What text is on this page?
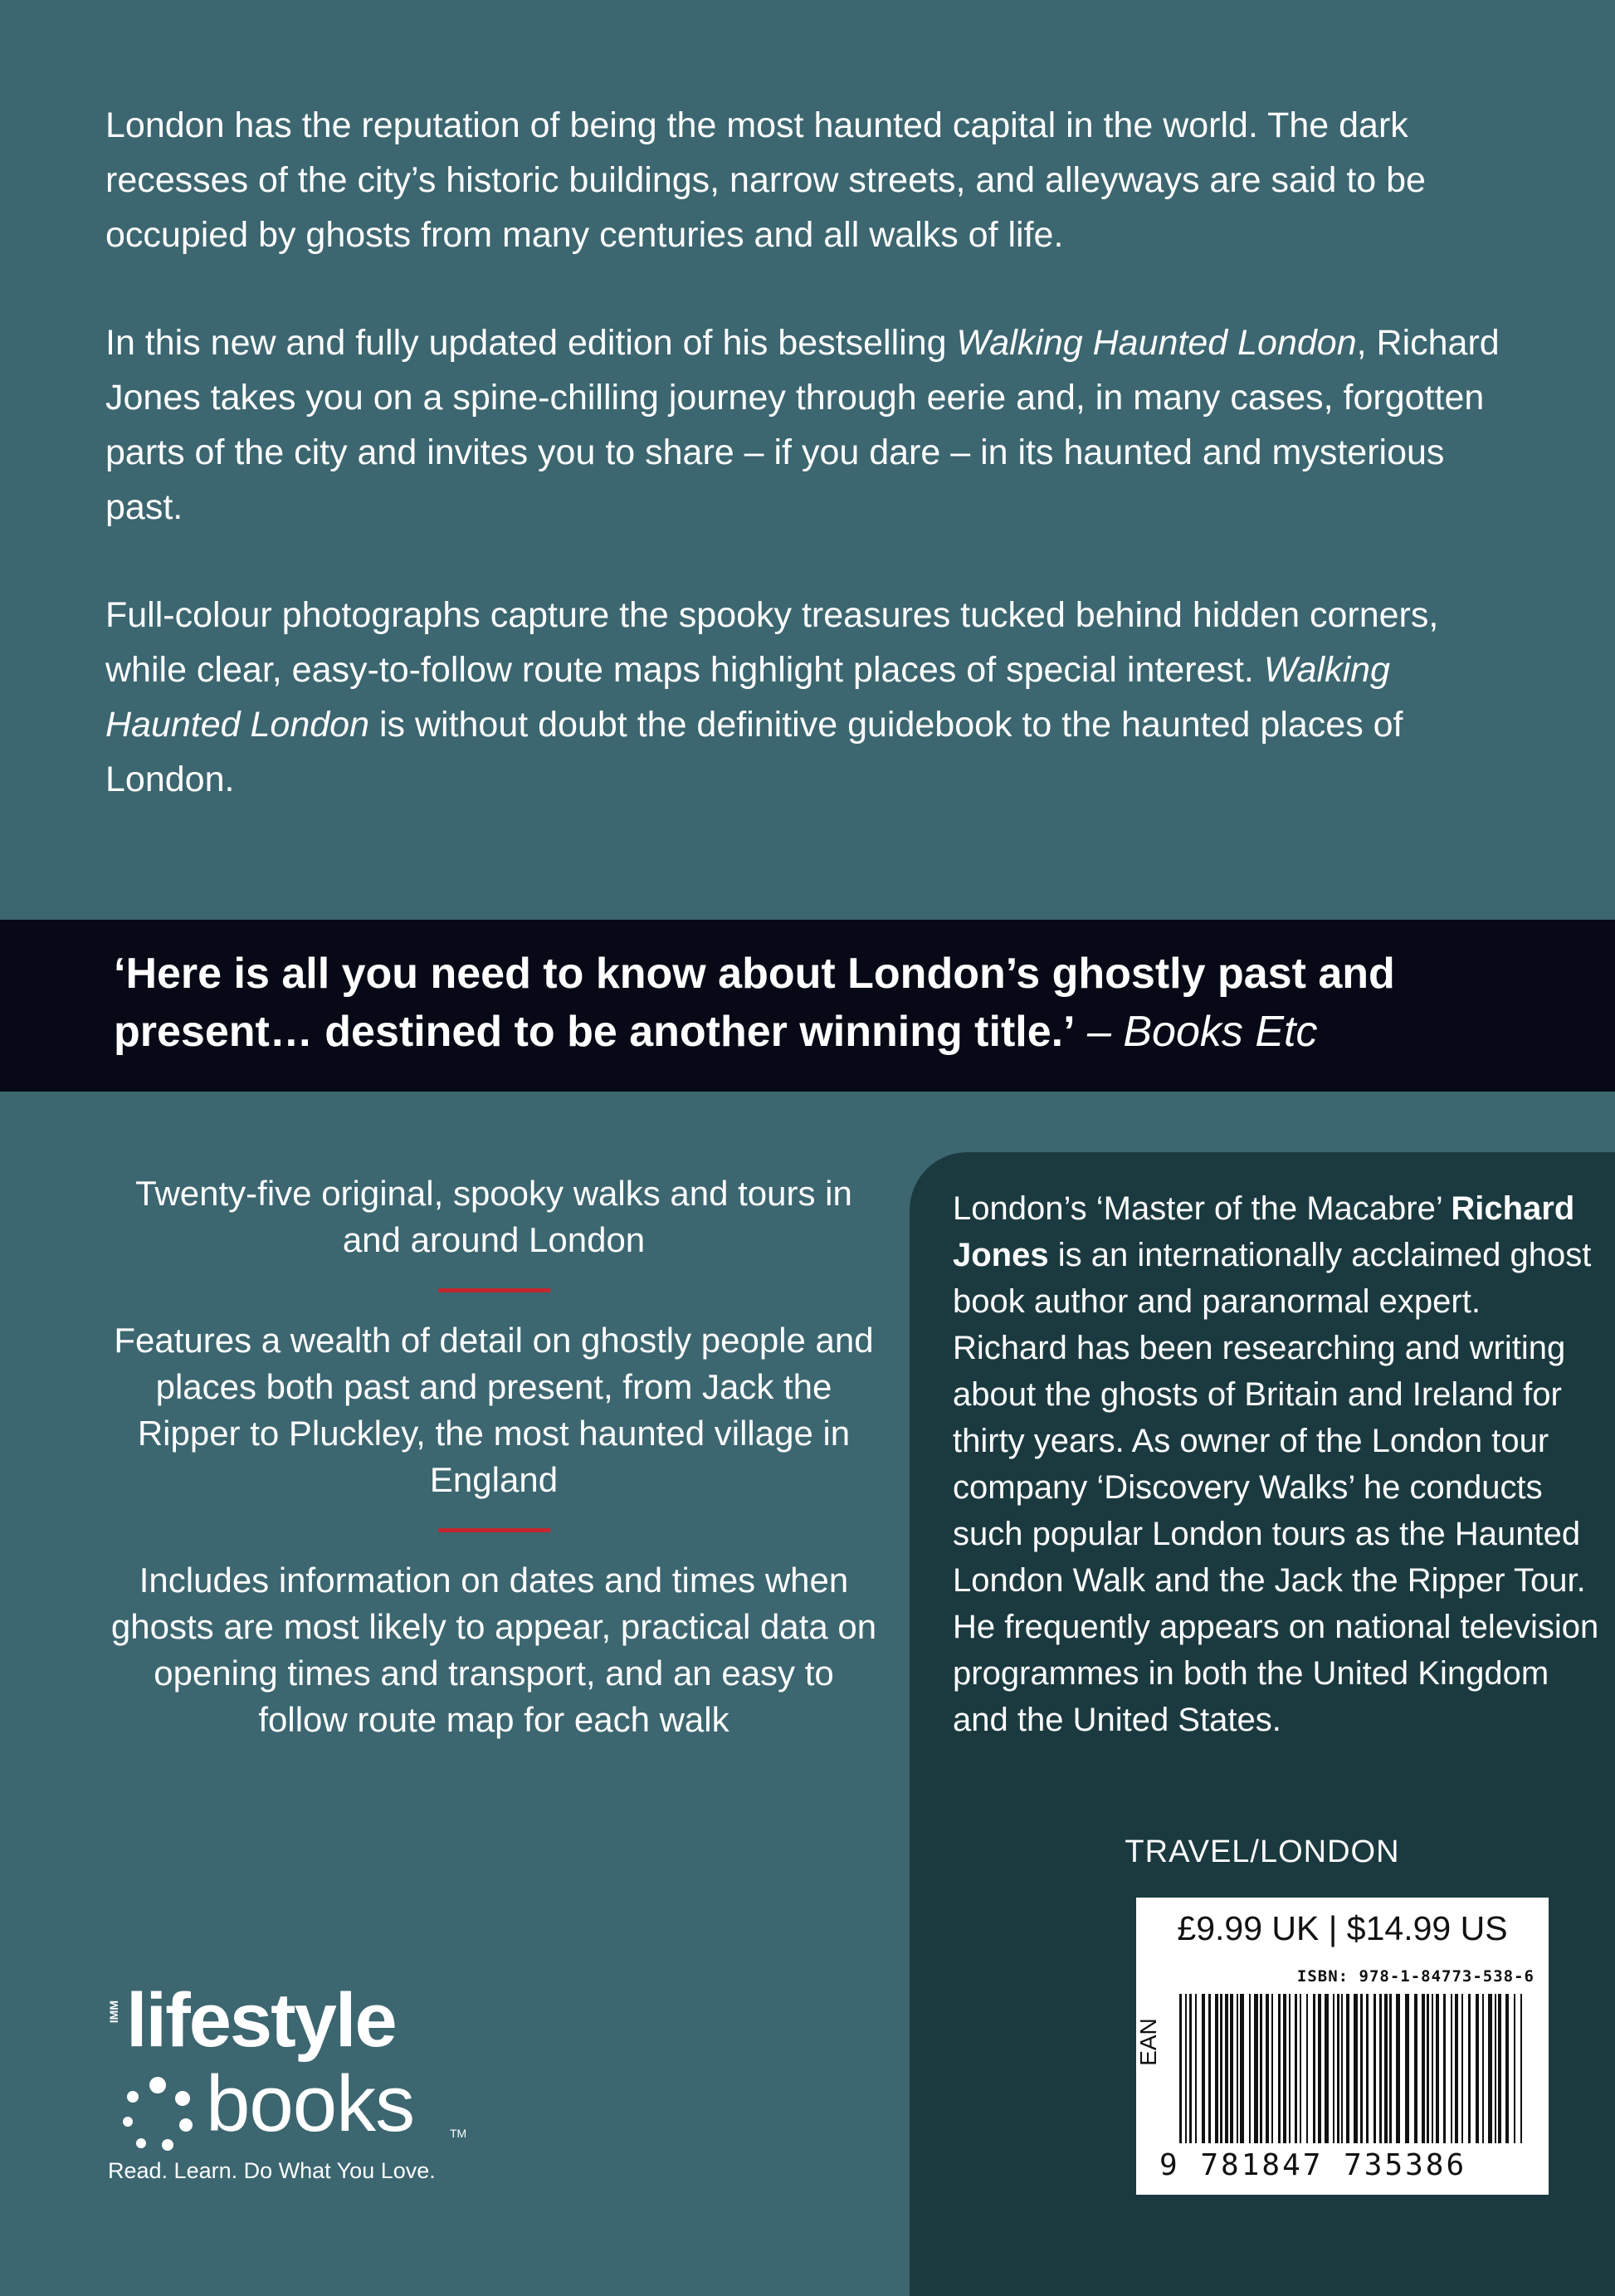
London has the reputation of being the most haunted capital in the world. The dark recesses of the city’s historic buildings, narrow streets, and alleyways are said to be occupied by ghosts from many centuries and all walks of life.

In this new and fully updated edition of his bestselling Walking Haunted London, Richard Jones takes you on a spine-chilling journey through eerie and, in many cases, forgotten parts of the city and invites you to share – if you dare – in its haunted and mysterious past.

Full-colour photographs capture the spooky treasures tucked behind hidden corners, while clear, easy-to-follow route maps highlight places of special interest. Walking Haunted London is without doubt the definitive guidebook to the haunted places of London.

‘Here is all you need to know about London’s ghostly past and present… destined to be another winning title.’ – Books Etc

Twenty-five original, spooky walks and tours in and around London

Features a wealth of detail on ghostly people and places both past and present, from Jack the Ripper to Pluckley, the most haunted village in England

Includes information on dates and times when ghosts are most likely to appear, practical data on opening times and transport, and an easy to follow route map for each walk

London’s ‘Master of the Macabre’ Richard Jones is an internationally acclaimed ghost book author and paranormal expert. Richard has been researching and writing about the ghosts of Britain and Ireland for thirty years. As owner of the London tour company ‘Discovery Walks’ he conducts such popular London tours as the Haunted London Walk and the Jack the Ripper Tour. He frequently appears on national television programmes in both the United Kingdom and the United States.
TRAVEL/LONDON
£9.99 UK | $14.99 US
ISBN: 978-1-84773-538-6
EAN
9 781847 735386
IMM lifestyle
books	TM
Read. Learn. Do What You Love.
